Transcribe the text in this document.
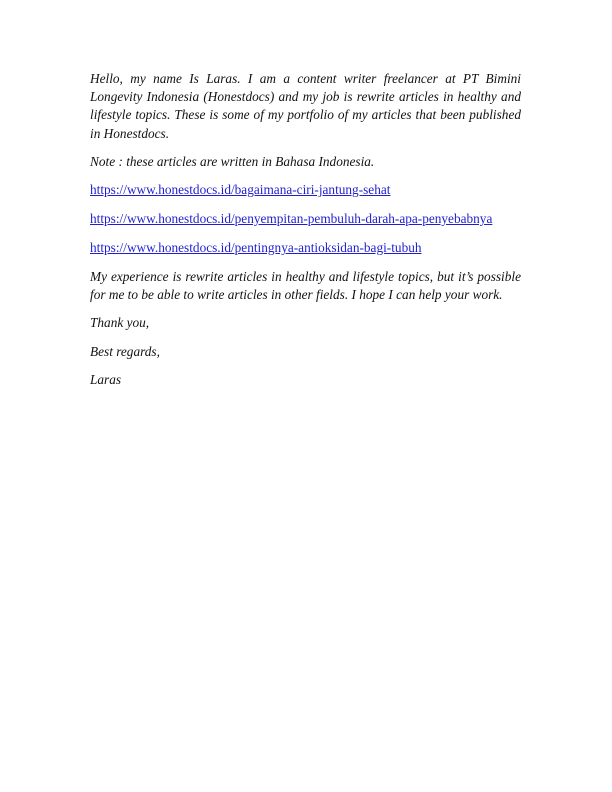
Hello, my name Is Laras. I am a content writer freelancer at PT Bimini Longevity Indonesia (Honestdocs) and my job is rewrite articles in healthy and lifestyle topics. These is some of my portfolio of my articles that been published in Honestdocs.

Note : these articles are written in Bahasa Indonesia.

https://www.honestdocs.id/bagaimana-ciri-jantung-sehat
https://www.honestdocs.id/penyempitan-pembuluh-darah-apa-penyebabnya
https://www.honestdocs.id/pentingnya-antioksidan-bagi-tubuh

My experience is rewrite articles in healthy and lifestyle topics, but it’s possible for me to be able to write articles in other fields. I hope I can help your work.

Thank you,

Best regards,

Laras
